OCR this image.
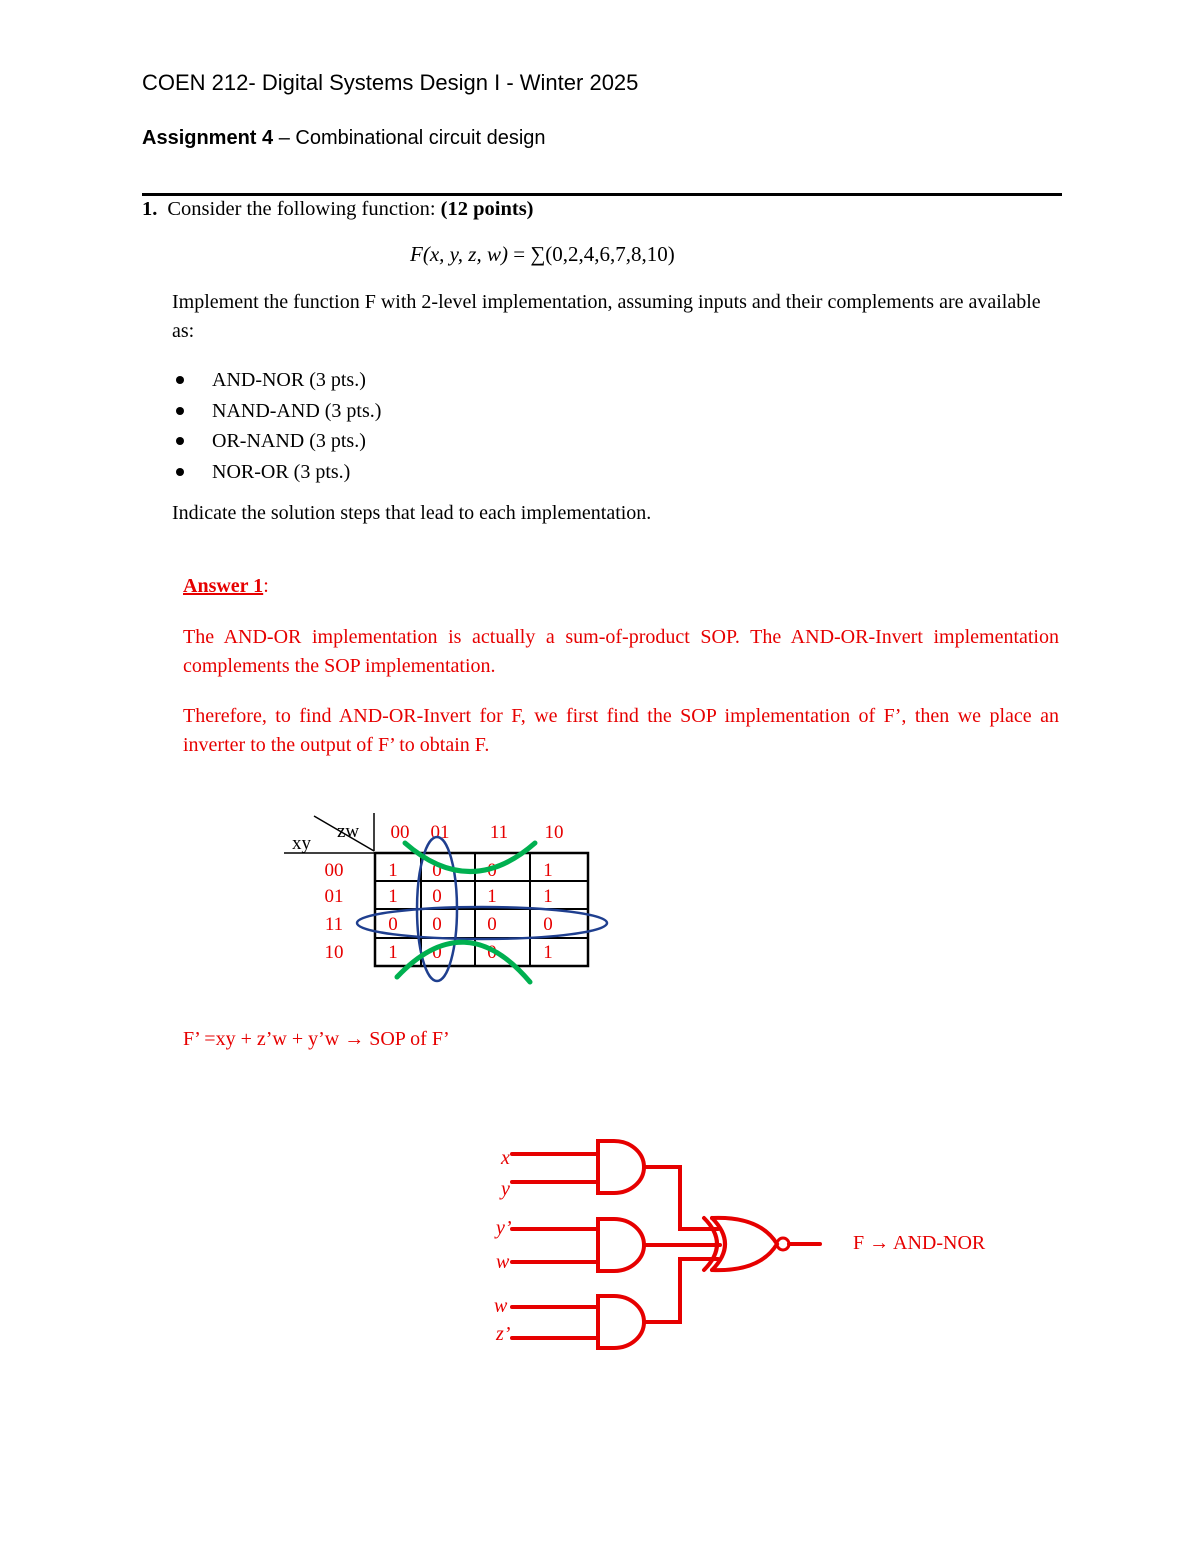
COEN 212- Digital Systems Design I - Winter 2025
Assignment 4 – Combinational circuit design
1. Consider the following function: (12 points)
F(x, y, z, w) = ∑(0,2,4,6,7,8,10)
Implement the function F with 2-level implementation, assuming inputs and their complements are available as:
AND-NOR (3 pts.)
NAND-AND (3 pts.)
OR-NAND (3 pts.)
NOR-OR (3 pts.)
Indicate the solution steps that lead to each implementation.
Answer 1:
The AND-OR implementation is actually a sum-of-product SOP. The AND-OR-Invert implementation complements the SOP implementation.
Therefore, to find AND-OR-Invert for F, we first find the SOP implementation of F’, then we place an inverter to the output of F’ to obtain F.
xy
zw 00 01 11 10
00
01
11
10
1 0 0 1
1 0 1 1
0 0 0 0
1 0 0 1
x
y
y’
w
w
z’
F’ =xy + z’w + y’w → SOP of F’
F → AND-NOR
